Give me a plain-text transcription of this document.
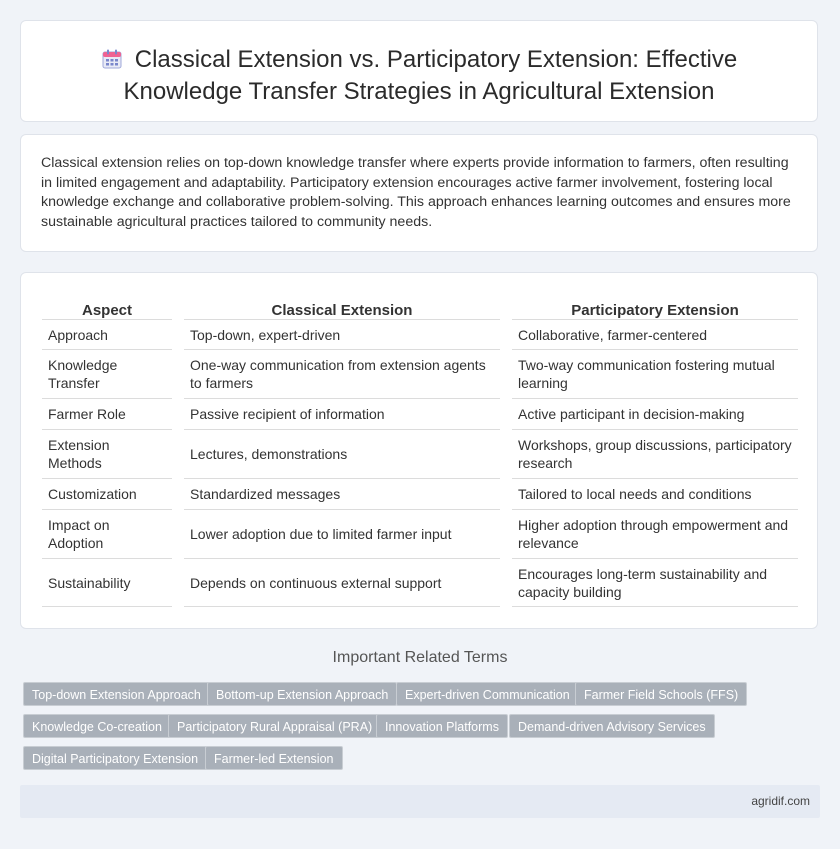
Classical Extension vs. Participatory Extension: Effective Knowledge Transfer Strategies in Agricultural Extension

Classical extension relies on top-down knowledge transfer where experts provide information to farmers, often resulting in limited engagement and adaptability. Participatory extension encourages active farmer involvement, fostering local knowledge exchange and collaborative problem-solving. This approach enhances learning outcomes and ensures more sustainable agricultural practices tailored to community needs.

Aspect		Classical Extension		Participatory Extension
Approach		Top-down, expert-driven		Collaborative, farmer-centered
Knowledge Transfer		One-way communication from extension agents to farmers		Two-way communication fostering mutual learning
Farmer Role		Passive recipient of information		Active participant in decision-making
Extension Methods		Lectures, demonstrations		Workshops, group discussions, participatory research
Customization		Standardized messages		Tailored to local needs and conditions
Impact on Adoption		Lower adoption due to limited farmer input		Higher adoption through empowerment and relevance
Sustainability		Depends on continuous external support		Encourages long-term sustainability and capacity building
Important Related Terms
Top-down Extension Approach	Bottom-up Extension Approach	Expert-driven Communication	Farmer Field Schools (FFS)
Knowledge Co-creation	Participatory Rural Appraisal (PRA)	Innovation Platforms	Demand-driven Advisory Services
Digital Participatory Extension	Farmer-led Extension
agridif.com
